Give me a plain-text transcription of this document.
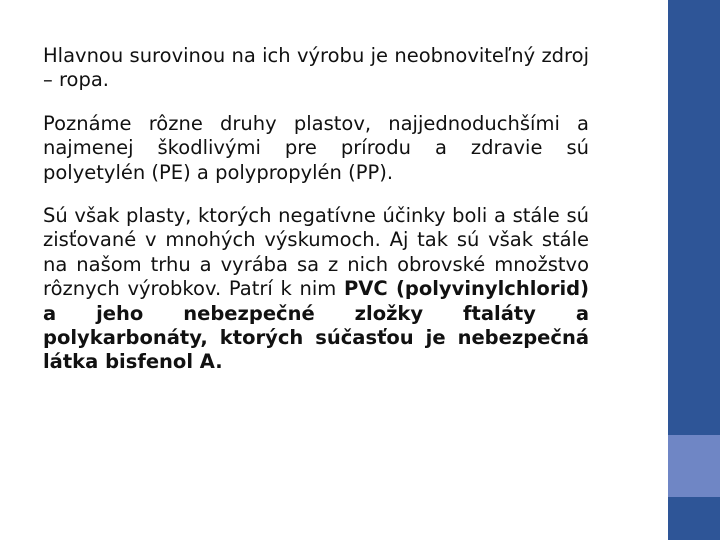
Hlavnou surovinou na ich výrobu je neobnoviteľný zdroj – ropa.

Poznáme rôzne druhy plastov, najjednoduchšími a najmenej škodlivými pre prírodu a zdravie sú polyetylén (PE) a polypropylén (PP).

Sú však plasty, ktorých negatívne účinky boli a stále sú zisťované v mnohých výskumoch. Aj tak sú však stále na našom trhu a vyrába sa z nich obrovské množstvo rôznych výrobkov. Patrí k nim PVC (polyvinylchlorid) a jeho nebezpečné zložky ftaláty a polykarbonáty, ktorých súčasťou je nebezpečná látka bisfenol A.
